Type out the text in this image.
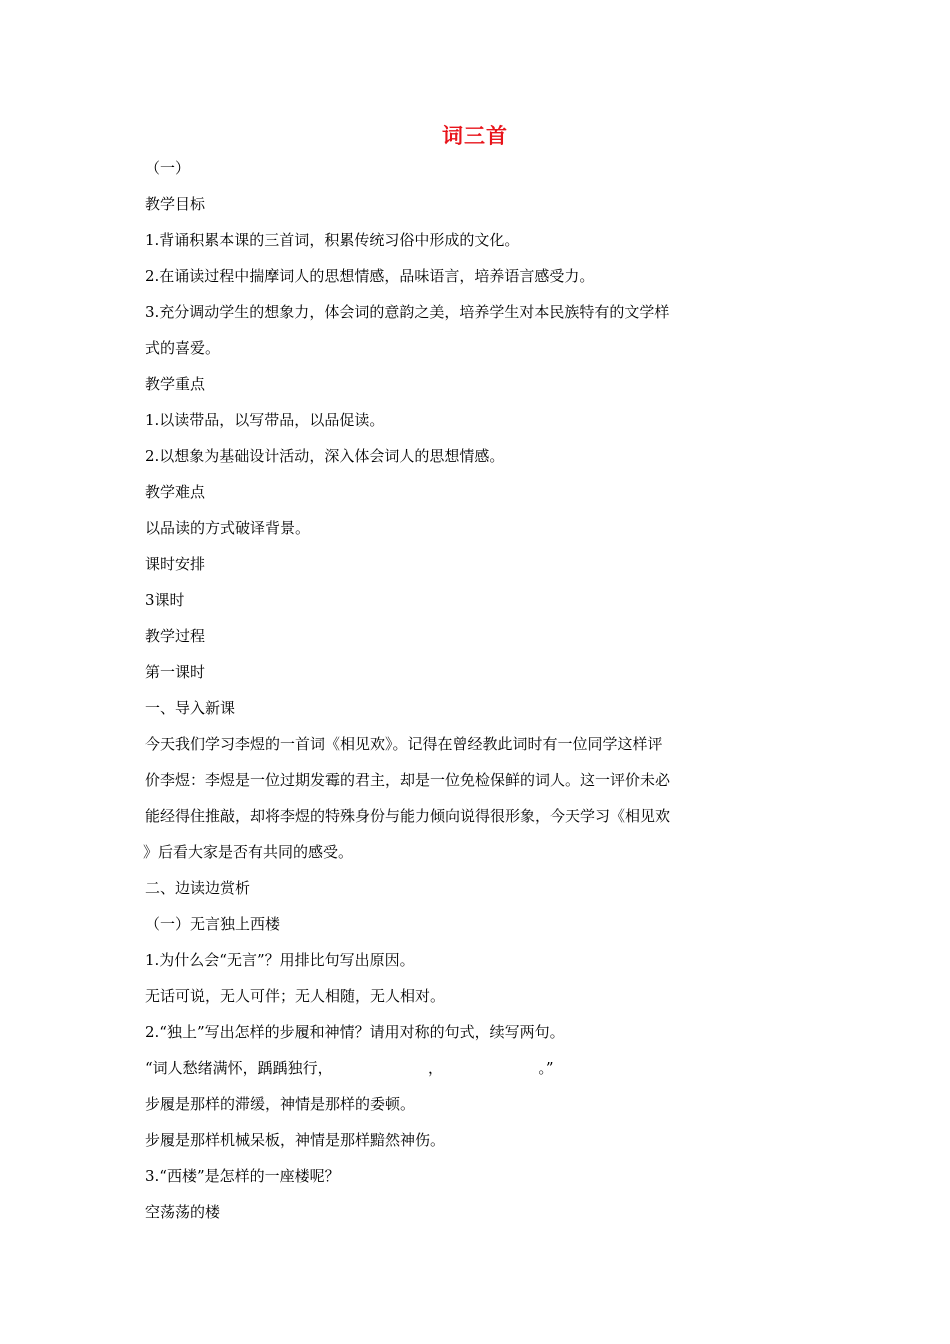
词三首
（一）
教学目标
1.背诵积累本课的三首词，积累传统习俗中形成的文化。
2.在诵读过程中揣摩词人的思想情感，品味语言，培养语言感受力。
3.充分调动学生的想象力，体会词的意韵之美，培养学生对本民族特有的文学样
式的喜爱。
教学重点
1.以读带品，以写带品，以品促读。
2.以想象为基础设计活动，深入体会词人的思想情感。
教学难点
以品读的方式破译背景。
课时安排
3课时
教学过程
第一课时
一、导入新课
今天我们学习李煜的一首词《相见欢》。记得在曾经教此词时有一位同学这样评
价李煜：李煜是一位过期发霉的君主，却是一位免检保鲜的词人。这一评价未必
能经得住推敲，却将李煜的特殊身份与能力倾向说得很形象，今天学习《相见欢
》后看大家是否有共同的感受。
二、边读边赏析
（一）无言独上西楼
1.为什么会“无言”？用排比句写出原因。
无话可说，无人可伴；无人相随，无人相对。
2.“独上”写出怎样的步履和神情？请用对称的句式，续写两句。
“词人愁绪满怀，踽踽独行，                    ，                    。”
步履是那样的滞缓，神情是那样的委顿。
步履是那样机械呆板，神情是那样黯然神伤。
3.“西楼”是怎样的一座楼呢？
空荡荡的楼
